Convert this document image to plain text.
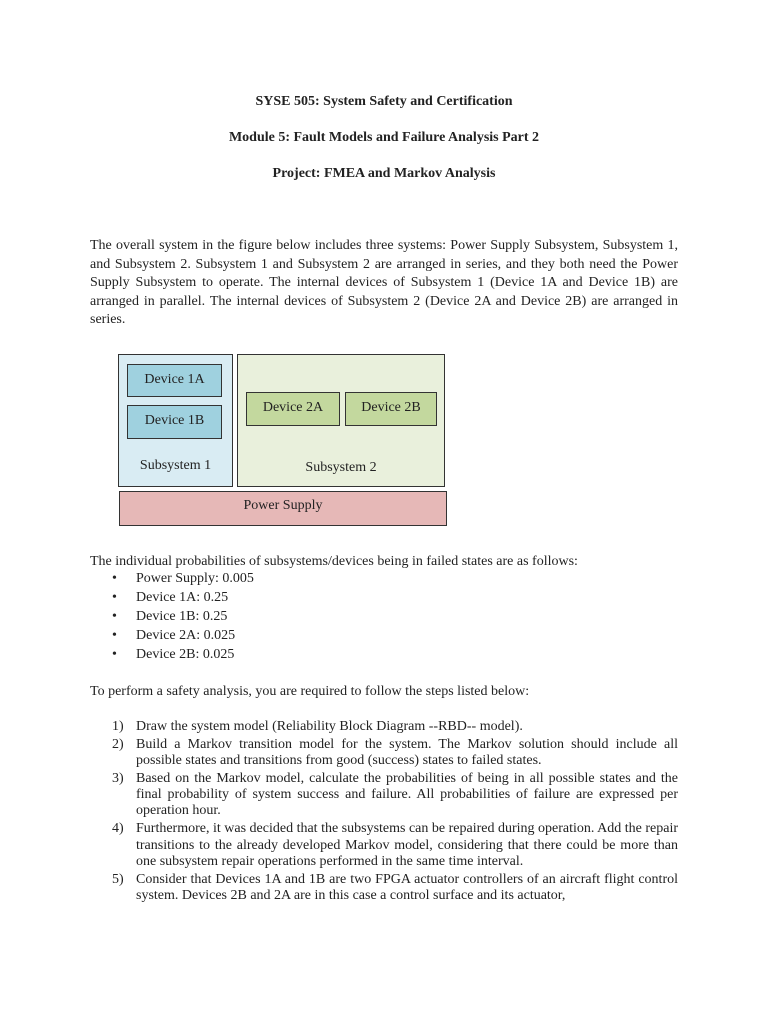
SYSE 505: System Safety and Certification
Module 5: Fault Models and Failure Analysis Part 2
Project: FMEA and Markov Analysis
The overall system in the figure below includes three systems: Power Supply Subsystem, Subsystem 1, and Subsystem 2. Subsystem 1 and Subsystem 2 are arranged in series, and they both need the Power Supply Subsystem to operate. The internal devices of Subsystem 1 (Device 1A and Device 1B) are arranged in parallel. The internal devices of Subsystem 2 (Device 2A and Device 2B) are arranged in series.
Subsystem 1	Subsystem 2
Device 1A
Device 1B
Device 2A	Device 2B
Power Supply
The individual probabilities of subsystems/devices being in failed states are as follows:
• Power Supply: 0.005
• Device 1A: 0.25
• Device 1B: 0.25
• Device 2A: 0.025
• Device 2B: 0.025
To perform a safety analysis, you are required to follow the steps listed below:
1) Draw the system model (Reliability Block Diagram --RBD-- model).
2) Build a Markov transition model for the system. The Markov solution should include all possible states and transitions from good (success) states to failed states.
3) Based on the Markov model, calculate the probabilities of being in all possible states and the final probability of system success and failure. All probabilities of failure are expressed per operation hour.
4) Furthermore, it was decided that the subsystems can be repaired during operation. Add the repair transitions to the already developed Markov model, considering that there could be more than one subsystem repair operations performed in the same time interval.
5) Consider that Devices 1A and 1B are two FPGA actuator controllers of an aircraft flight control system. Devices 2B and 2A are in this case a control surface and its actuator,
